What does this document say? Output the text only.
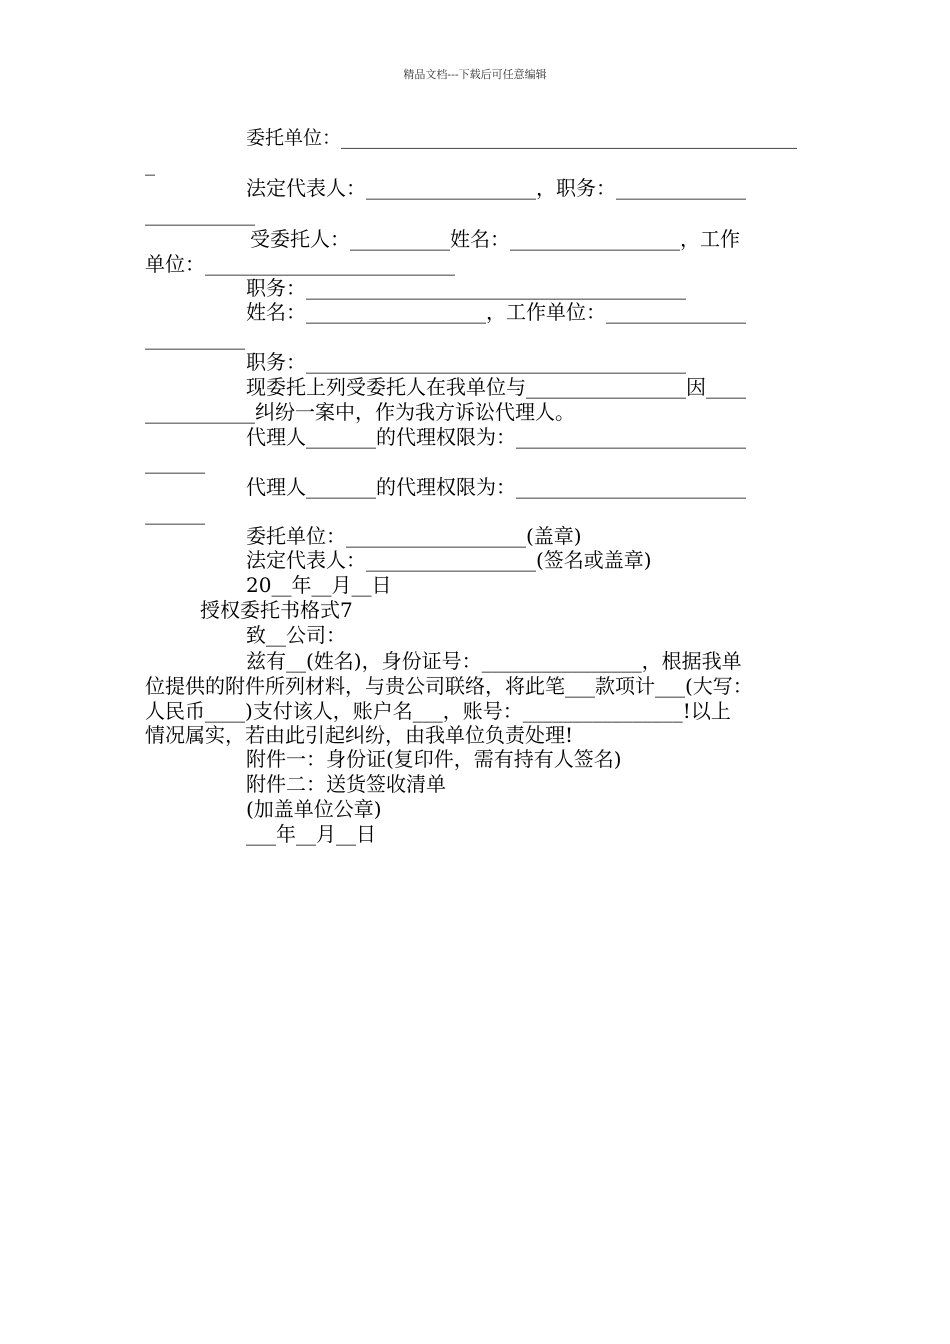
精品文档---下载后可任意编辑
委托单位：________________________________________________
_
法定代表人：_________________，职务：_____________
___________
受委托人：__________姓名：_________________，工作
单位：_________________________
职务：______________________________________
姓名：__________________，工作单位：______________
__________
职务：______________________________________
现委托上列受委托人在我单位与________________因____
___________纠纷一案中，作为我方诉讼代理人。
代理人_______的代理权限为：_______________________
______
代理人_______的代理权限为：_______________________
______
委托单位：__________________(盖章)
法定代表人：_________________(签名或盖章)
20__年__月__日
授权委托书格式7
致__公司：
兹有__(姓名)，身份证号：________________，根据我单
位提供的附件所列材料，与贵公司联络，将此笔___款项计___(大写：
人民币____)支付该人，账户名___，账号：________________!以上
情况属实，若由此引起纠纷，由我单位负责处理!
附件一：身份证(复印件，需有持有人签名)
附件二：送货签收清单
(加盖单位公章)
___年__月__日
